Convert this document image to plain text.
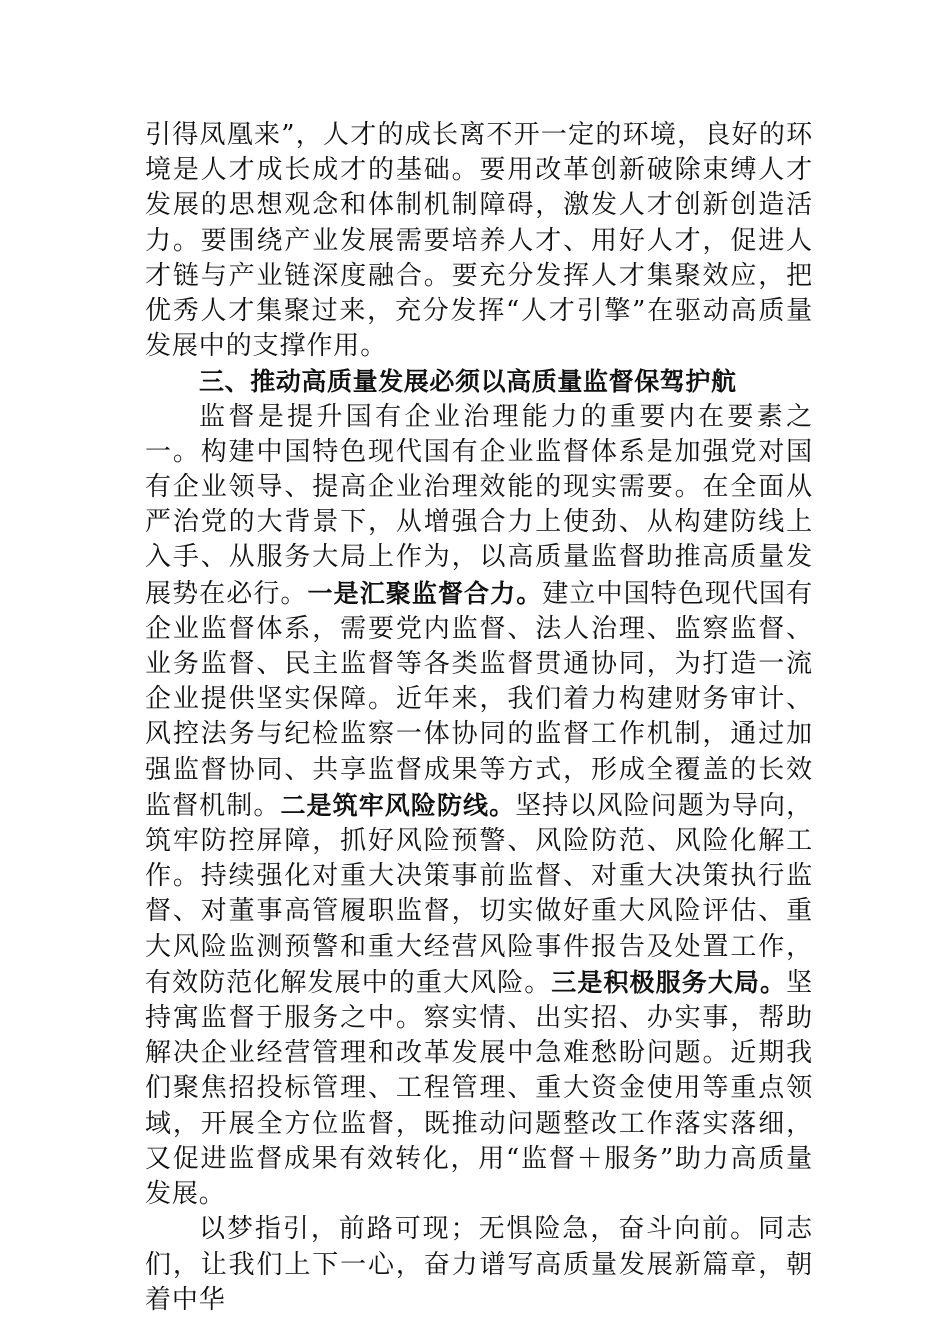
引得凤凰来”，人才的成长离不开一定的环境，良好的环境是人才成长成才的基础。要用改革创新破除束缚人才发展的思想观念和体制机制障碍，激发人才创新创造活力。要围绕产业发展需要培养人才、用好人才，促进人才链与产业链深度融合。要充分发挥人才集聚效应，把优秀人才集聚过来，充分发挥“人才引擎”在驱动高质量发展中的支撑作用。

三、推动高质量发展必须以高质量监督保驾护航

监督是提升国有企业治理能力的重要内在要素之一。构建中国特色现代国有企业监督体系是加强党对国有企业领导、提高企业治理效能的现实需要。在全面从严治党的大背景下，从增强合力上使劲、从构建防线上入手、从服务大局上作为，以高质量监督助推高质量发展势在必行。一是汇聚监督合力。建立中国特色现代国有企业监督体系，需要党内监督、法人治理、监察监督、业务监督、民主监督等各类监督贯通协同，为打造一流企业提供坚实保障。近年来，我们着力构建财务审计、风控法务与纪检监察一体协同的监督工作机制，通过加强监督协同、共享监督成果等方式，形成全覆盖的长效监督机制。二是筑牢风险防线。坚持以风险问题为导向，筑牢防控屏障，抓好风险预警、风险防范、风险化解工作。持续强化对重大决策事前监督、对重大决策执行监督、对董事高管履职监督，切实做好重大风险评估、重大风险监测预警和重大经营风险事件报告及处置工作，有效防范化解发展中的重大风险。三是积极服务大局。坚持寓监督于服务之中。察实情、出实招、办实事，帮助解决企业经营管理和改革发展中急难愁盼问题。近期我们聚焦招投标管理、工程管理、重大资金使用等重点领域，开展全方位监督，既推动问题整改工作落实落细，又促进监督成果有效转化，用“监督＋服务”助力高质量发展。

以梦指引，前路可现；无惧险急，奋斗向前。同志们，让我们上下一心，奋力谱写高质量发展新篇章，朝着中华
